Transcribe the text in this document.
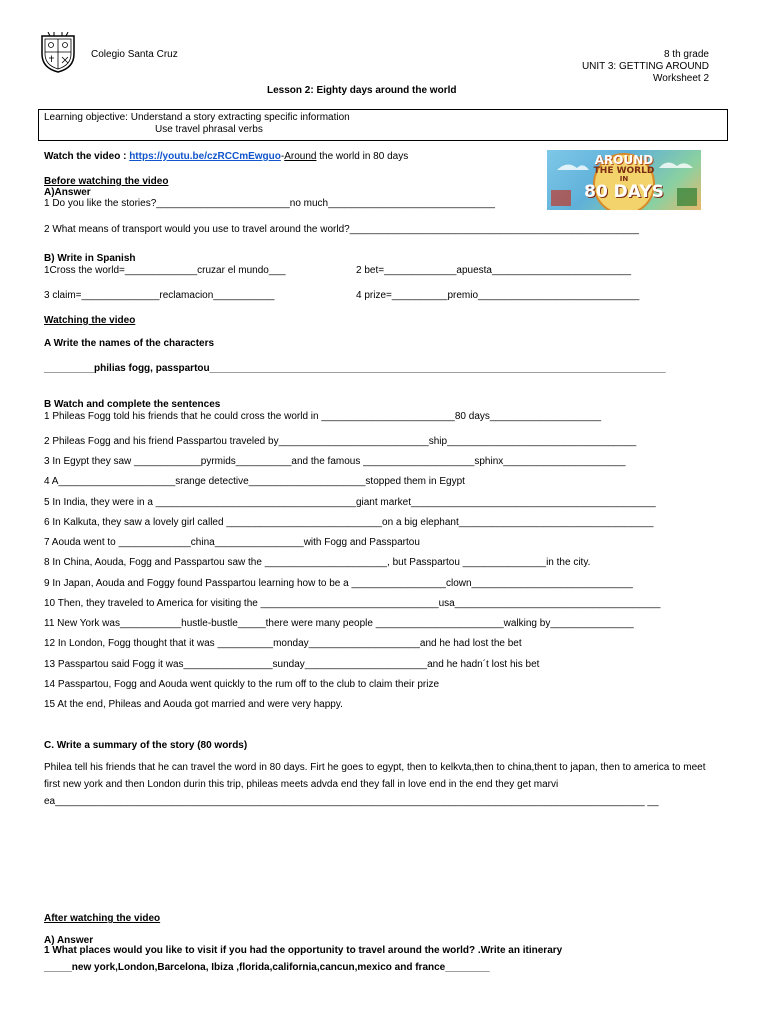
Colegio Santa Cruz	8 th grade
UNIT 3: GETTING AROUND
Worksheet 2
Lesson 2: Eighty days around the world
Learning objective: Understand a story extracting specific information
Use travel phrasal verbs
Watch the video : https://youtu.be/czRCCmEwguo-Around the world in 80 days	AROUND
THE WORLD
IN
80 DAYS
Before watching the video
A)Answer
1 Do you like the stories?________________________no much______________________________
2 What means of transport would you use to travel around the world?____________________________________________________
B) Write in Spanish
1Cross the world=_____________cruzar el mundo___	2 bet=_____________apuesta_________________________
3 claim=______________reclamacion___________	4 prize=__________premio_____________________________
Watching the video
A Write the names of the characters
_________philias fogg, passpartou__________________________________________________________________________________
B Watch and complete the sentences
1 Phileas Fogg told his friends that he could cross the world in ________________________80 days____________________
2 Phileas Fogg and his friend Passpartou traveled by___________________________ship__________________________________
3 In Egypt they saw ____________pyrmids__________and the famous ____________________sphinx______________________
4 A_____________________srange detective_____________________stopped them in Egypt
5 In India, they were in a ____________________________________giant market____________________________________________
6 In Kalkuta, they saw a lovely girl called ____________________________on a big elephant___________________________________
7 Aouda went to _____________china________________with Fogg and Passpartou
8 In China, Aouda, Fogg and Passpartou saw the ______________________, but Passpartou _______________in the city.
9 In Japan, Aouda and Foggy found Passpartou learning how to be a _________________clown_____________________________
10 Then, they traveled to America for visiting the ________________________________usa_____________________________________
11 New York was___________hustle-bustle_____there were many people _______________________walking by_______________
12 In London, Fogg thought that it was __________monday____________________and he had lost the bet
13 Passpartou said Fogg it was________________sunday______________________and he hadn´t lost his bet
14 Passpartou, Fogg and Aouda went quickly to the rum off to the club to claim their prize
15 At the end, Phileas and Aouda got married and were very happy.
C. Write a summary of the story (80 words)
Philea tell his friends that he can travel the word in 80 days. Firt he goes to egypt, then to kelkvta,then to china,thent to japan, then to america to meet first new york and then London durin this trip, phileas meets advda end they fall in love end in the end they get marvi ea__________________________________________________________________________________________________________ __
After watching the video
A) Answer
1 What places would you like to visit if you had the opportunity to travel around the world? .Write an itinerary
_____new york,London,Barcelona, Ibiza ,florida,california,cancun,mexico and france________
